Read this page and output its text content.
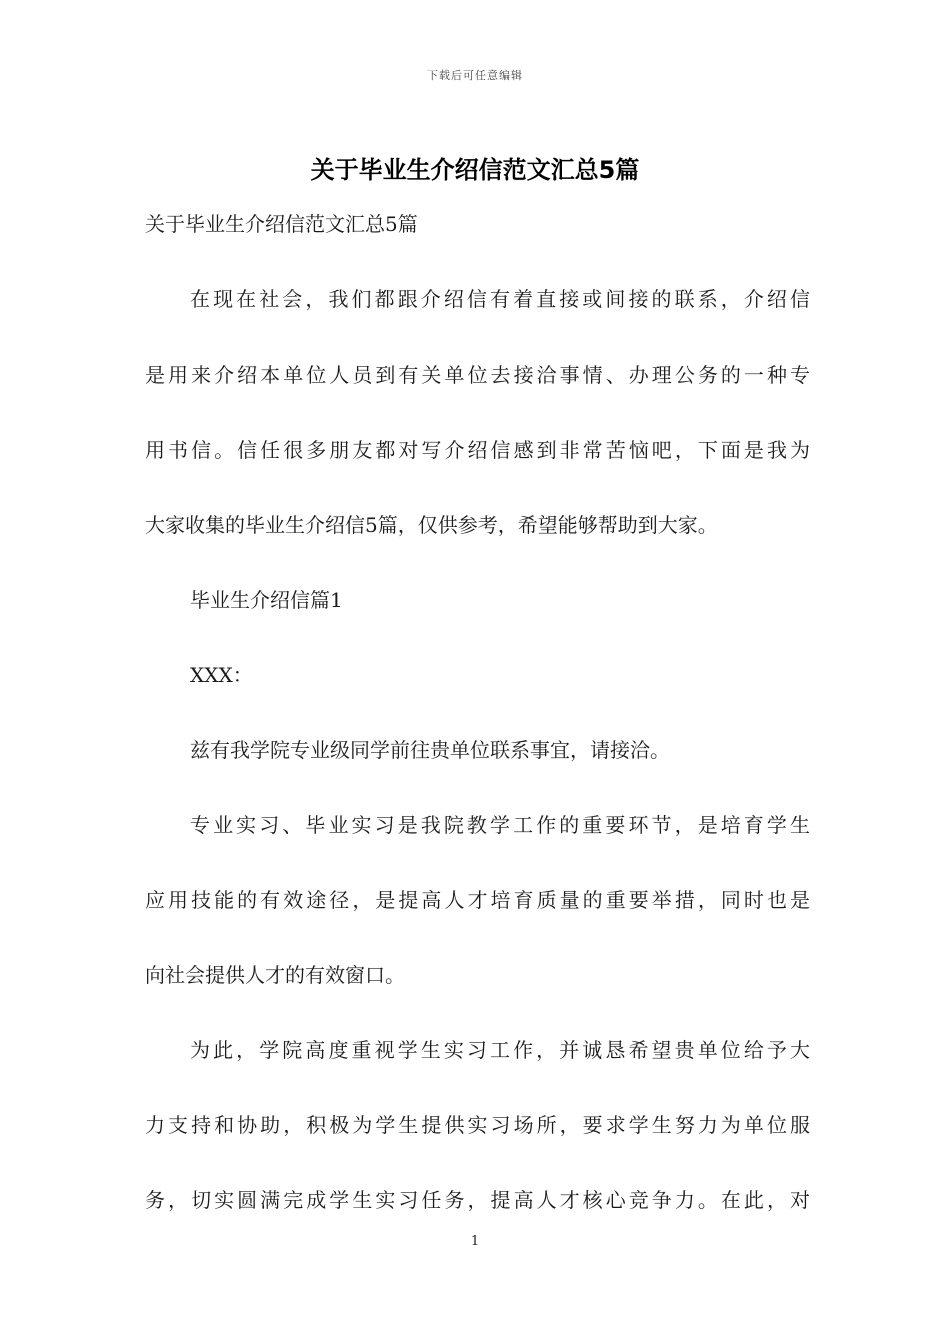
下载后可任意编辑
关于毕业生介绍信范文汇总5篇
关于毕业生介绍信范文汇总5篇
在现在社会，我们都跟介绍信有着直接或间接的联系，介绍信
是用来介绍本单位人员到有关单位去接洽事情、办理公务的一种专
用书信。信任很多朋友都对写介绍信感到非常苦恼吧，下面是我为
大家收集的毕业生介绍信5篇，仅供参考，希望能够帮助到大家。
毕业生介绍信篇1
XXX：
兹有我学院专业级同学前往贵单位联系事宜，请接洽。
专业实习、毕业实习是我院教学工作的重要环节，是培育学生
应用技能的有效途径，是提高人才培育质量的重要举措，同时也是
向社会提供人才的有效窗口。
为此，学院高度重视学生实习工作，并诚恳希望贵单位给予大
力支持和协助，积极为学生提供实习场所，要求学生努力为单位服
务，切实圆满完成学生实习任务，提高人才核心竞争力。在此，对
1
